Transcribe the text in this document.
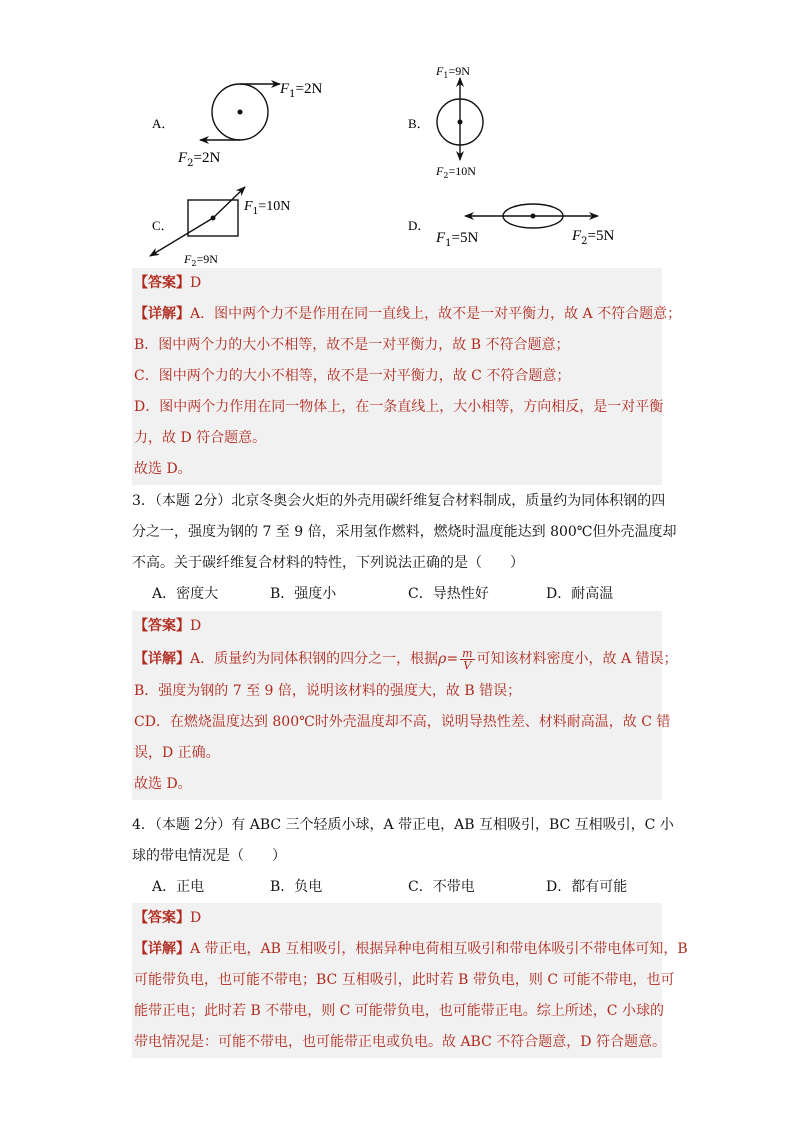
A．
$F_1=2N$
$F_2=2N$
B．
$F_1=9N$
$F_2=10N$
C．
$F_1=10N$
$F_2=9N$
D．
$F_1=5N$	$F_2=5N$
【答案】D
【详解】A．图中两个力不是作用在同一直线上，故不是一对平衡力，故 A 不符合题意；
B．图中两个力的大小不相等，故不是一对平衡力，故 B 不符合题意；
C．图中两个力的大小不相等，故不是一对平衡力，故 C 不符合题意；
D．图中两个力作用在同一物体上，在一条直线上，大小相等，方向相反，是一对平衡
力，故 D 符合题意。
故选 D。
3．（本题 2分）北京冬奥会火炬的外壳用碳纤维复合材料制成，质量约为同体积钢的四
分之一，强度为钢的 7 至 9 倍，采用氢作燃料，燃烧时温度能达到 800℃但外壳温度却
不高。关于碳纤维复合材料的特性，下列说法正确的是（　　）
A．密度大	B．强度小	C．导热性好	D．耐高温
【答案】D
【详解】A．质量约为同体积钢的四分之一，根据$\rho= \frac{m}{V}$ 可知该材料密度小，故 A 错误；
B．强度为钢的 7 至 9 倍，说明该材料的强度大，故 B 错误；
CD．在燃烧温度达到 800℃时外壳温度却不高，说明导热性差、材料耐高温，故 C 错
误，D 正确。
故选 D。
4．（本题 2分）有 ABC 三个轻质小球，A 带正电，AB 互相吸引，BC 互相吸引，C 小
球的带电情况是（　　）
A．正电	B．负电	C．不带电	D．都有可能
【答案】D
【详解】A 带正电，AB 互相吸引，根据异种电荷相互吸引和带电体吸引不带电体可知，B
可能带负电，也可能不带电；BC 互相吸引，此时若 B 带负电，则 C 可能不带电，也可
能带正电；此时若 B 不带电，则 C 可能带负电，也可能带正电。综上所述，C 小球的
带电情况是：可能不带电，也可能带正电或负电。故 ABC 不符合题意，D 符合题意。
